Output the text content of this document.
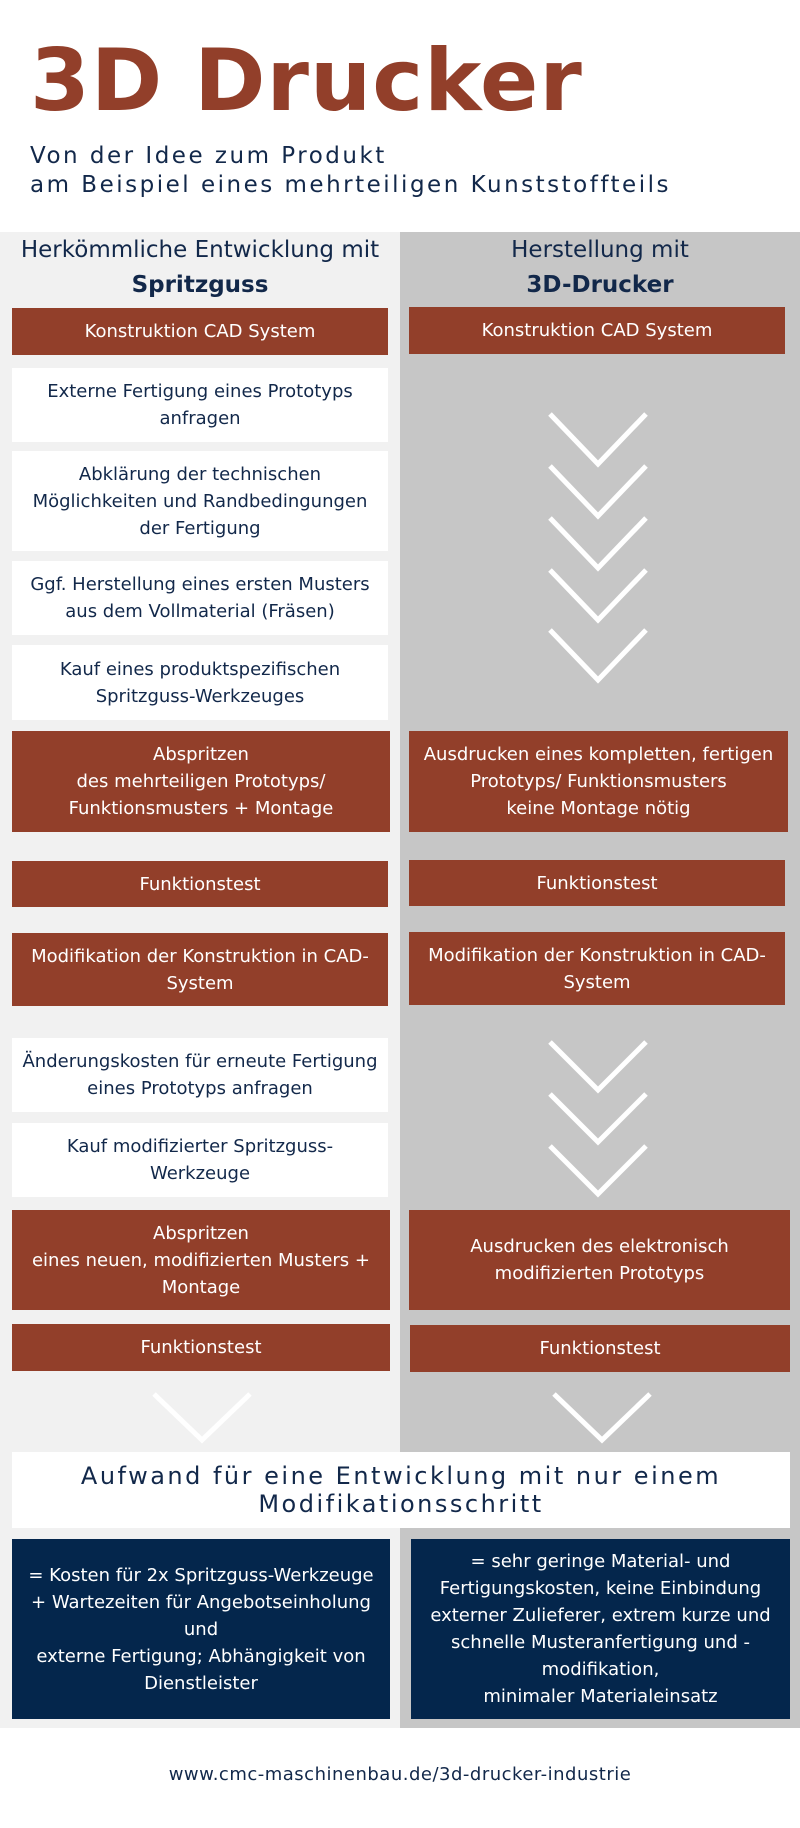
3D Drucker
Von der Idee zum Produkt
am Beispiel eines mehrteiligen Kunststoffteils
Herkömmliche Entwicklung mit
Spritzguss
Herstellung mit
3D-Drucker
Konstruktion CAD System
Externe Fertigung eines Prototyps anfragen
Abklärung der technischen Möglichkeiten und Randbedingungen der Fertigung
Ggf. Herstellung eines ersten Musters aus dem Vollmaterial (Fräsen)
Kauf eines produktspezifischen Spritzguss-Werkzeuges
Abspritzen
des mehrteiligen Prototyps/
Funktionsmusters + Montage
Funktionstest
Modifikation der Konstruktion in CAD-System
Änderungskosten für erneute Fertigung eines Prototyps anfragen
Kauf modifizierter Spritzguss-Werkzeuge
Abspritzen
eines neuen, modifizierten Musters + Montage
Funktionstest
Konstruktion CAD System
Ausdrucken eines kompletten, fertigen Prototyps/ Funktionsmusters
keine Montage nötig
Funktionstest
Modifikation der Konstruktion in CAD-System
Ausdrucken des elektronisch modifizierten Prototyps
Funktionstest
Aufwand für eine Entwicklung mit nur einem Modifikationsschritt
= Kosten für 2x Spritzguss-Werkzeuge
+ Wartezeiten für Angebotseinholung und
externe Fertigung; Abhängigkeit von Dienstleister
= sehr geringe Material- und Fertigungskosten, keine Einbindung externer Zulieferer, extrem kurze und schnelle Musteranfertigung und -modifikation,
minimaler Materialeinsatz
www.cmc-maschinenbau.de/3d-drucker-industrie
